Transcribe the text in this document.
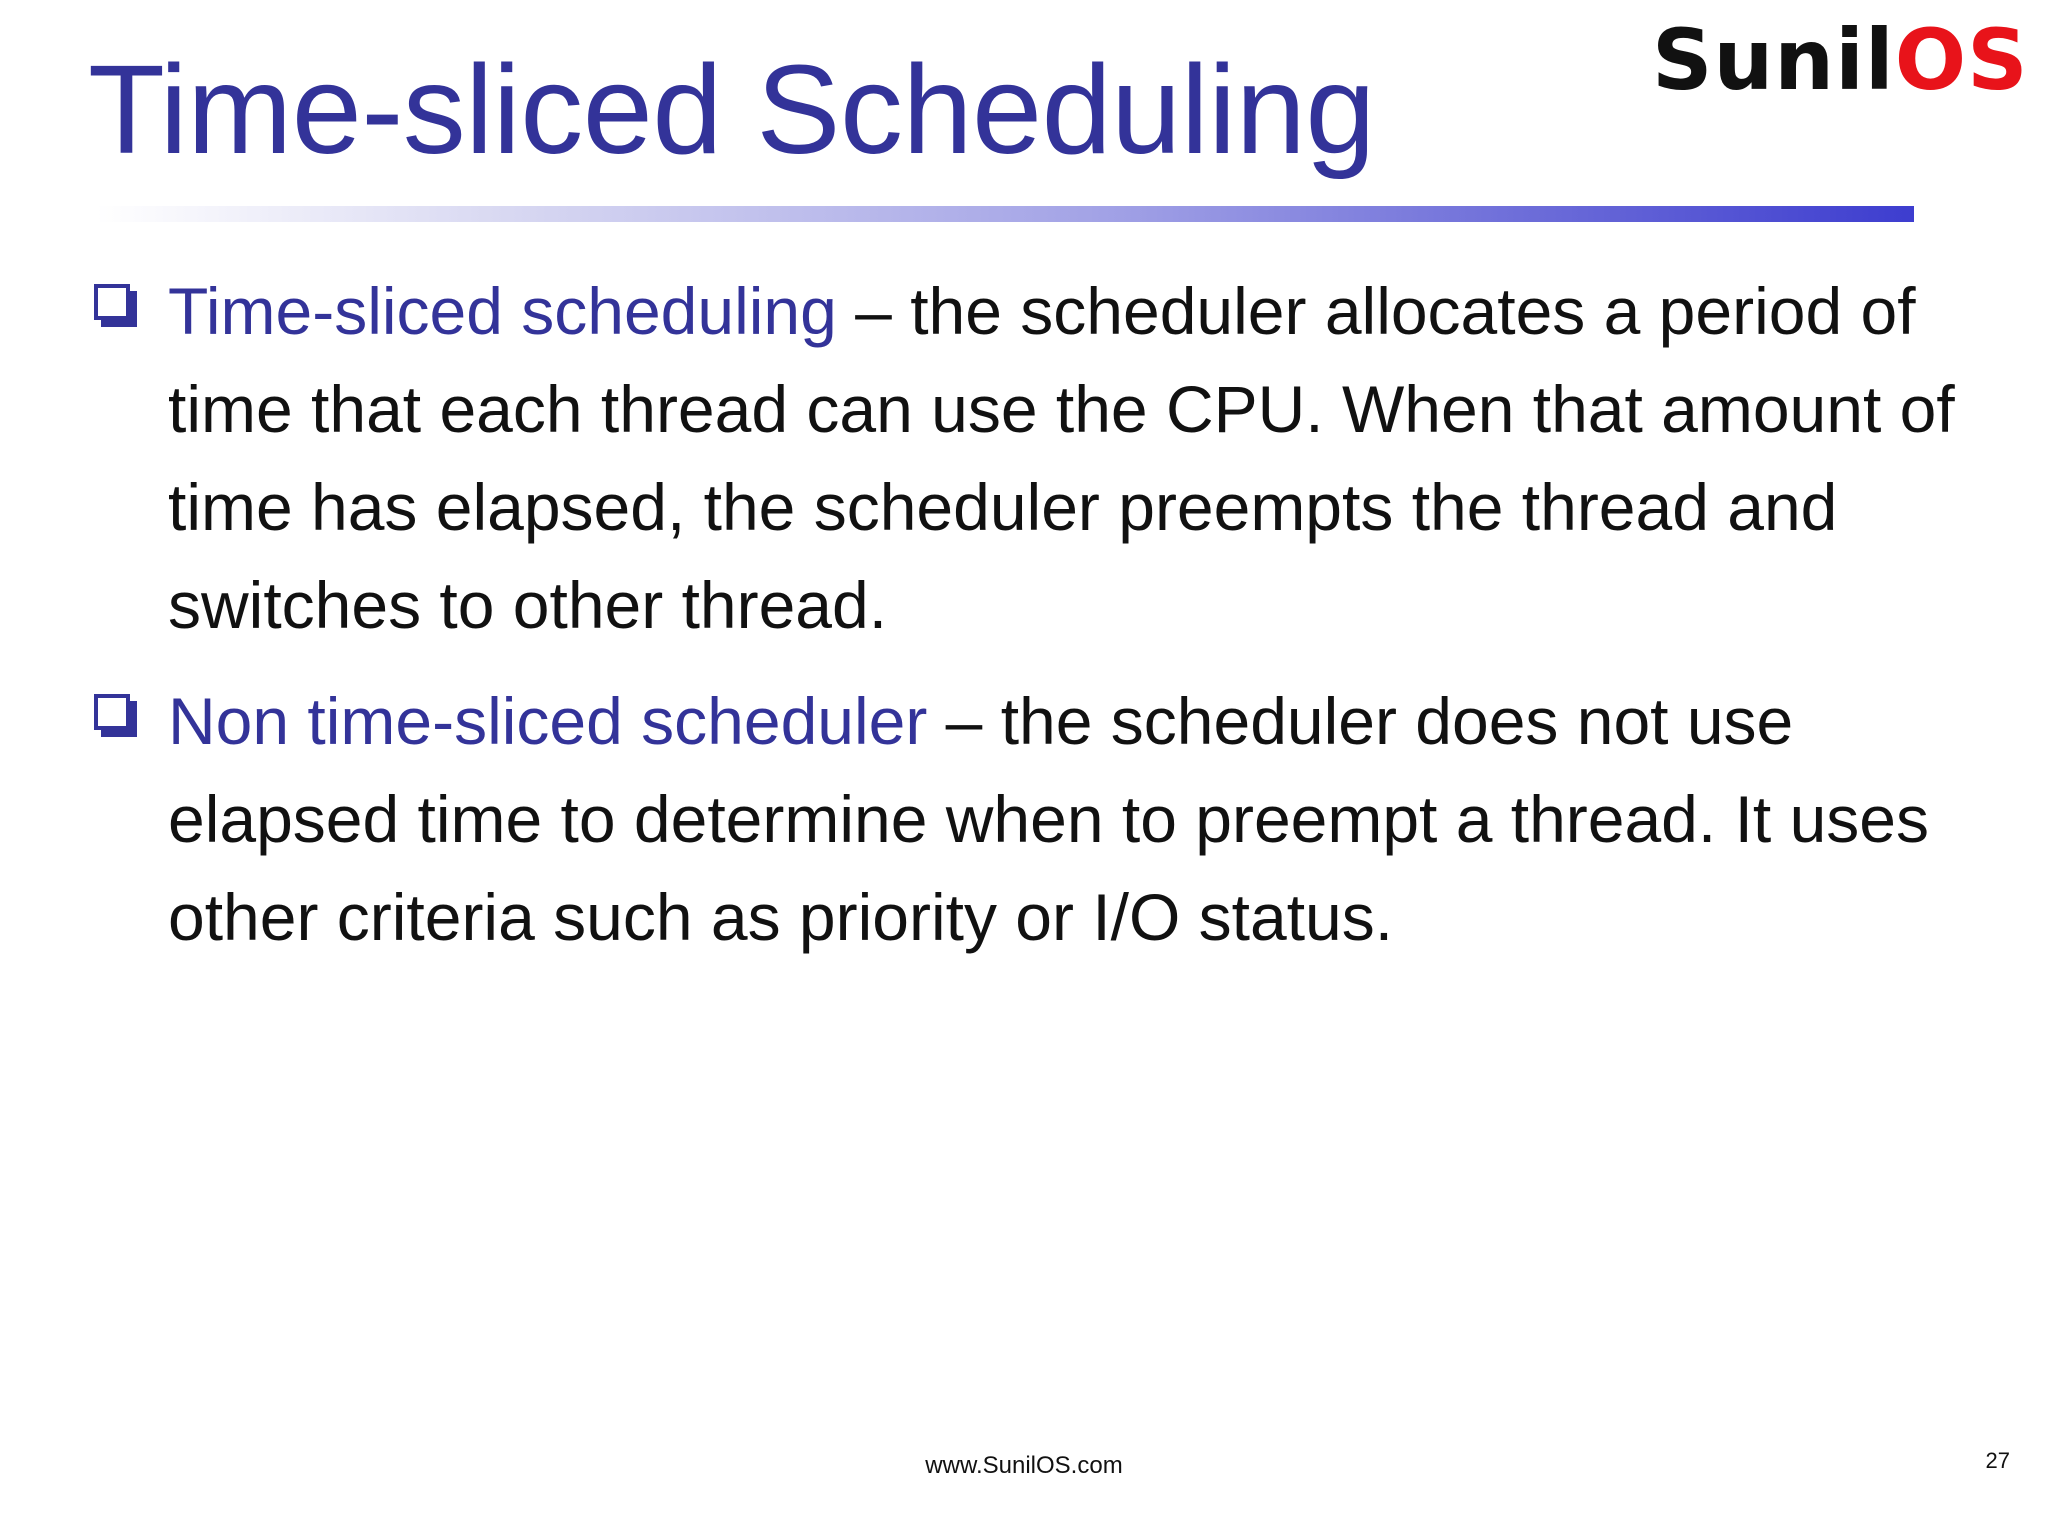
Time-sliced Scheduling	SunilOS
Time-sliced scheduling – the scheduler allocates a period of time that each thread can use the CPU. When that amount of time has elapsed, the scheduler preempts the thread and switches to other thread.
Non time-sliced scheduler – the scheduler does not use elapsed time to determine when to preempt a thread. It uses other criteria such as priority or I/O status.
www.SunilOS.com	27
